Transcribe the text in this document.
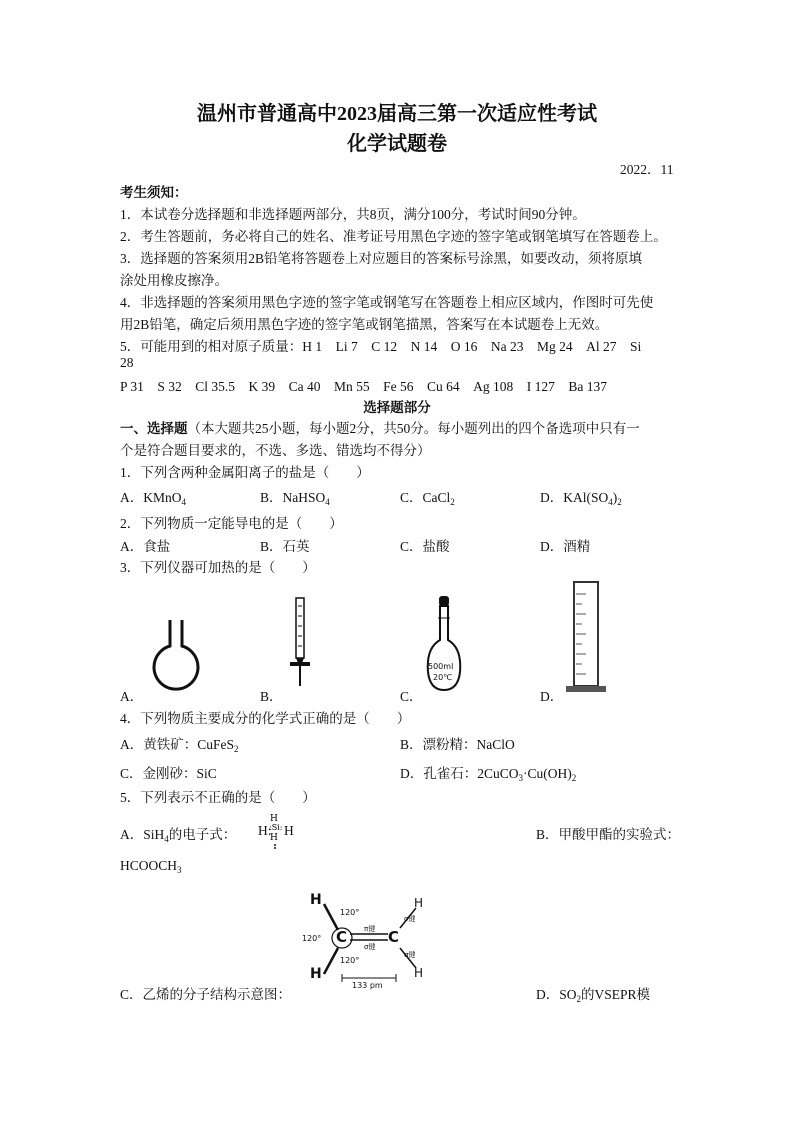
温州市普通高中2023届高三第一次适应性考试
化学试题卷
2022．11
考生须知：
1．本试卷分选择题和非选择题两部分，共8页，满分100分，考试时间90分钟。
2．考生答题前，务必将自己的姓名、准考证号用黑色字迹的签字笔或钢笔填写在答题卷上。
3．选择题的答案须用2B铅笔将答题卷上对应题目的答案标号涂黑，如要改动，须将原填
涂处用橡皮擦净。
4．非选择题的答案须用黑色字迹的签字笔或钢笔写在答题卷上相应区域内，作图时可先使
用2B铅笔，确定后须用黑色字迹的签字笔或钢笔描黑，答案写在本试题卷上无效。
5．可能用到的相对原子质量：H 1　Li 7　C 12　N 14　O 16　Na 23　Mg 24　Al 27　Si
28
P 31　S 32　Cl 35.5　K 39　Ca 40　Mn 55　Fe 56　Cu 64　Ag 108　I 127　Ba 137
选择题部分
一、选择题（本大题共25小题，每小题2分，共50分。每小题列出的四个备选项中只有一
个是符合题目要求的，不选、多选、错选均不得分）
1．下列含两种金属阳离子的盐是（　　）
A．KMnO$_4$	B．NaHSO$_4$	C．CaCl$_2$	D．$KAl(SO_4)_2$
2．下列物质一定能导电的是（　　）
A．食盐	B．石英	C．盐酸	D．酒精
3．下列仪器可加热的是（　　）
500ml
20℃
A．	B．	C．	D．
4．下列物质主要成分的化学式正确的是（　　）
A．黄铁矿：CuFeS$_2$	B．漂粉精：NaClO
C．金刚砂：SiC	D．孔雀石：$2CuCO_3\cdot Cu(OH)_2$
5．下列表示不正确的是（　　）
A．SiH$_4$的电子式： H:
H
:Si:
H H	B．甲酸甲酯的实验式：
$HCOOCH_3$
H
H
C	C
H
H
120°
120°
120°
π键
σ键
σ键
σ键
133 pm
C．乙烯的分子结构示意图：	D．$SO_2$的VSEPR模
